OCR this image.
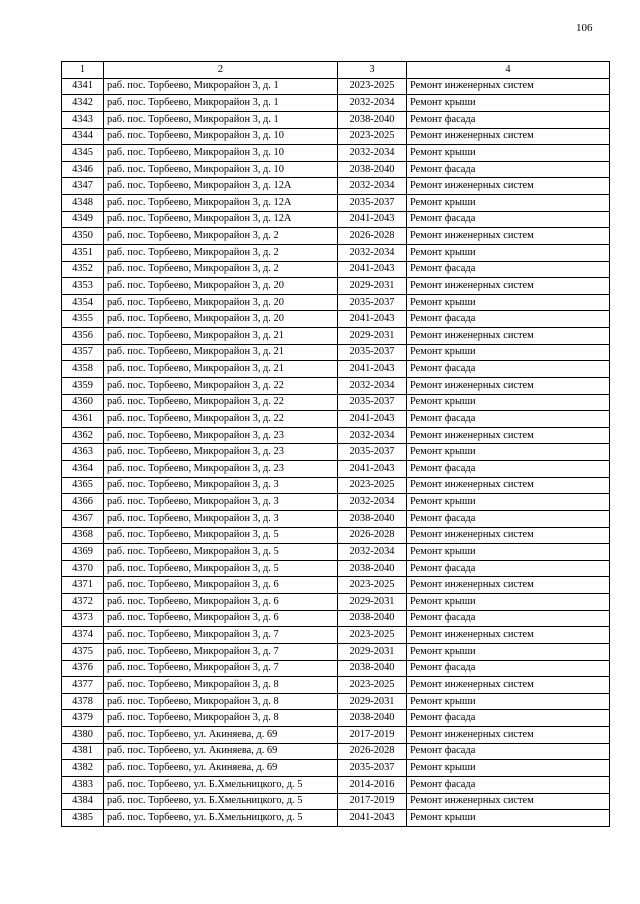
106
1	2	3	4
4341	раб. пос. Торбеево, Микрорайон 3, д. 1	2023-2025	Ремонт инженерных систем
4342	раб. пос. Торбеево, Микрорайон 3, д. 1	2032-2034	Ремонт крыши
4343	раб. пос. Торбеево, Микрорайон 3, д. 1	2038-2040	Ремонт фасада
4344	раб. пос. Торбеево, Микрорайон 3, д. 10	2023-2025	Ремонт инженерных систем
4345	раб. пос. Торбеево, Микрорайон 3, д. 10	2032-2034	Ремонт крыши
4346	раб. пос. Торбеево, Микрорайон 3, д. 10	2038-2040	Ремонт фасада
4347	раб. пос. Торбеево, Микрорайон 3, д. 12А	2032-2034	Ремонт инженерных систем
4348	раб. пос. Торбеево, Микрорайон 3, д. 12А	2035-2037	Ремонт крыши
4349	раб. пос. Торбеево, Микрорайон 3, д. 12А	2041-2043	Ремонт фасада
4350	раб. пос. Торбеево, Микрорайон 3, д. 2	2026-2028	Ремонт инженерных систем
4351	раб. пос. Торбеево, Микрорайон 3, д. 2	2032-2034	Ремонт крыши
4352	раб. пос. Торбеево, Микрорайон 3, д. 2	2041-2043	Ремонт фасада
4353	раб. пос. Торбеево, Микрорайон 3, д. 20	2029-2031	Ремонт инженерных систем
4354	раб. пос. Торбеево, Микрорайон 3, д. 20	2035-2037	Ремонт крыши
4355	раб. пос. Торбеево, Микрорайон 3, д. 20	2041-2043	Ремонт фасада
4356	раб. пос. Торбеево, Микрорайон 3, д. 21	2029-2031	Ремонт инженерных систем
4357	раб. пос. Торбеево, Микрорайон 3, д. 21	2035-2037	Ремонт крыши
4358	раб. пос. Торбеево, Микрорайон 3, д. 21	2041-2043	Ремонт фасада
4359	раб. пос. Торбеево, Микрорайон 3, д. 22	2032-2034	Ремонт инженерных систем
4360	раб. пос. Торбеево, Микрорайон 3, д. 22	2035-2037	Ремонт крыши
4361	раб. пос. Торбеево, Микрорайон 3, д. 22	2041-2043	Ремонт фасада
4362	раб. пос. Торбеево, Микрорайон 3, д. 23	2032-2034	Ремонт инженерных систем
4363	раб. пос. Торбеево, Микрорайон 3, д. 23	2035-2037	Ремонт крыши
4364	раб. пос. Торбеево, Микрорайон 3, д. 23	2041-2043	Ремонт фасада
4365	раб. пос. Торбеево, Микрорайон 3, д. 3	2023-2025	Ремонт инженерных систем
4366	раб. пос. Торбеево, Микрорайон 3, д. 3	2032-2034	Ремонт крыши
4367	раб. пос. Торбеево, Микрорайон 3, д. 3	2038-2040	Ремонт фасада
4368	раб. пос. Торбеево, Микрорайон 3, д. 5	2026-2028	Ремонт инженерных систем
4369	раб. пос. Торбеево, Микрорайон 3, д. 5	2032-2034	Ремонт крыши
4370	раб. пос. Торбеево, Микрорайон 3, д. 5	2038-2040	Ремонт фасада
4371	раб. пос. Торбеево, Микрорайон 3, д. 6	2023-2025	Ремонт инженерных систем
4372	раб. пос. Торбеево, Микрорайон 3, д. 6	2029-2031	Ремонт крыши
4373	раб. пос. Торбеево, Микрорайон 3, д. 6	2038-2040	Ремонт фасада
4374	раб. пос. Торбеево, Микрорайон 3, д. 7	2023-2025	Ремонт инженерных систем
4375	раб. пос. Торбеево, Микрорайон 3, д. 7	2029-2031	Ремонт крыши
4376	раб. пос. Торбеево, Микрорайон 3, д. 7	2038-2040	Ремонт фасада
4377	раб. пос. Торбеево, Микрорайон 3, д. 8	2023-2025	Ремонт инженерных систем
4378	раб. пос. Торбеево, Микрорайон 3, д. 8	2029-2031	Ремонт крыши
4379	раб. пос. Торбеево, Микрорайон 3, д. 8	2038-2040	Ремонт фасада
4380	раб. пос. Торбеево, ул. Акиняева, д. 69	2017-2019	Ремонт инженерных систем
4381	раб. пос. Торбеево, ул. Акиняева, д. 69	2026-2028	Ремонт фасада
4382	раб. пос. Торбеево, ул. Акиняева, д. 69	2035-2037	Ремонт крыши
4383	раб. пос. Торбеево, ул. Б.Хмельницкого, д. 5	2014-2016	Ремонт фасада
4384	раб. пос. Торбеево, ул. Б.Хмельницкого, д. 5	2017-2019	Ремонт инженерных систем
4385	раб. пос. Торбеево, ул. Б.Хмельницкого, д. 5	2041-2043	Ремонт крыши
